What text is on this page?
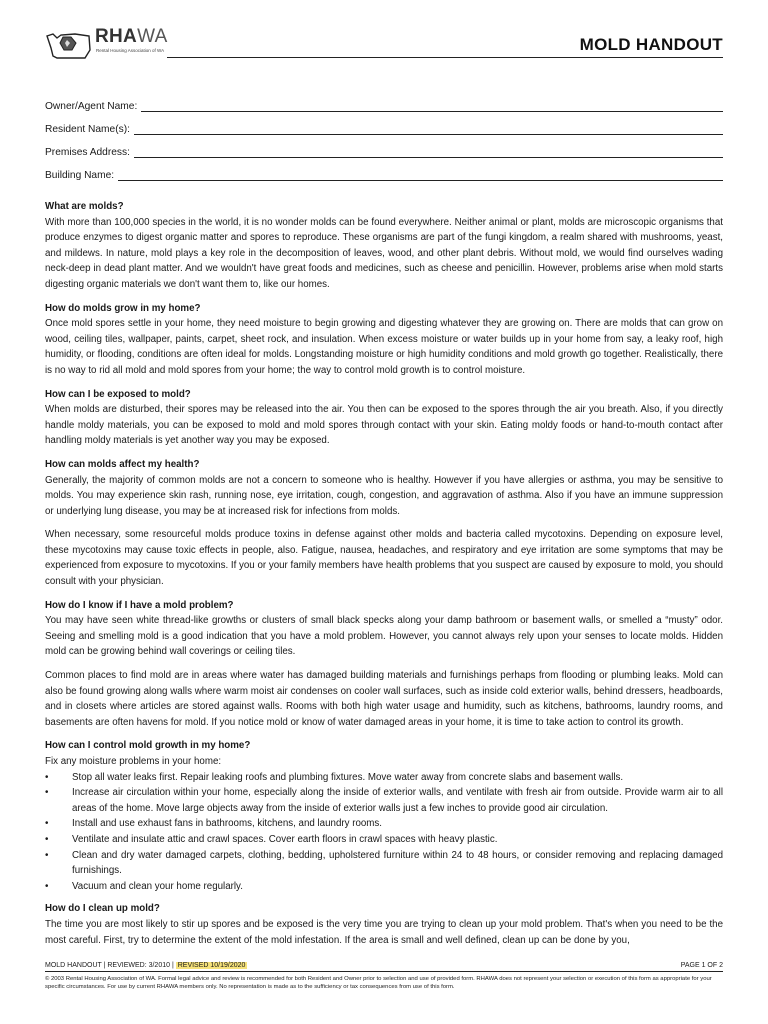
RHAWA
Rental Housing Association of WA	MOLD HANDOUT
Owner/Agent Name:
Resident Name(s):
Premises Address:
Building Name:
What are molds?

With more than 100,000 species in the world, it is no wonder molds can be found everywhere. Neither animal or plant, molds are microscopic organisms that produce enzymes to digest organic matter and spores to reproduce. These organisms are part of the fungi kingdom, a realm shared with mushrooms, yeast, and mildews. In nature, mold plays a key role in the decomposition of leaves, wood, and other plant debris. Without mold, we would find ourselves wading neck-deep in dead plant matter. And we wouldn't have great foods and medicines, such as cheese and penicillin. However, problems arise when mold starts digesting organic materials we don't want them to, like our homes.

How do molds grow in my home?

Once mold spores settle in your home, they need moisture to begin growing and digesting whatever they are growing on. There are molds that can grow on wood, ceiling tiles, wallpaper, paints, carpet, sheet rock, and insulation. When excess moisture or water builds up in your home from say, a leaky roof, high humidity, or flooding, conditions are often ideal for molds. Longstanding moisture or high humidity conditions and mold growth go together. Realistically, there is no way to rid all mold and mold spores from your home; the way to control mold growth is to control moisture.

How can I be exposed to mold?

When molds are disturbed, their spores may be released into the air. You then can be exposed to the spores through the air you breath. Also, if you directly handle moldy materials, you can be exposed to mold and mold spores through contact with your skin. Eating moldy foods or hand-to-mouth contact after handling moldy materials is yet another way you may be exposed.

How can molds affect my health?

Generally, the majority of common molds are not a concern to someone who is healthy. However if you have allergies or asthma, you may be sensitive to molds. You may experience skin rash, running nose, eye irritation, cough, congestion, and aggravation of asthma. Also if you have an immune suppression or underlying lung disease, you may be at increased risk for infections from molds.

When necessary, some resourceful molds produce toxins in defense against other molds and bacteria called mycotoxins. Depending on exposure level, these mycotoxins may cause toxic effects in people, also. Fatigue, nausea, headaches, and respiratory and eye irritation are some symptoms that may be experienced from exposure to mycotoxins. If you or your family members have health problems that you suspect are caused by exposure to mold, you should consult with your physician.

How do I know if I have a mold problem?

You may have seen white thread-like growths or clusters of small black specks along your damp bathroom or basement walls, or smelled a “musty” odor. Seeing and smelling mold is a good indication that you have a mold problem. However, you cannot always rely upon your senses to locate molds. Hidden mold can be growing behind wall coverings or ceiling tiles.

Common places to find mold are in areas where water has damaged building materials and furnishings perhaps from flooding or plumbing leaks. Mold can also be found growing along walls where warm moist air condenses on cooler wall surfaces, such as inside cold exterior walls, behind dressers, headboards, and in closets where articles are stored against walls. Rooms with both high water usage and humidity, such as kitchens, bathrooms, laundry rooms, and basements are often havens for mold. If you notice mold or know of water damaged areas in your home, it is time to take action to control its growth.

How can I control mold growth in my home?
Fix any moisture problems in your home:
• Stop all water leaks first. Repair leaking roofs and plumbing fixtures. Move water away from concrete slabs and basement walls.
• Increase air circulation within your home, especially along the inside of exterior walls, and ventilate with fresh air from outside. Provide warm air to all areas of the home. Move large objects away from the inside of exterior walls just a few inches to provide good air circulation.
• Install and use exhaust fans in bathrooms, kitchens, and laundry rooms.
• Ventilate and insulate attic and crawl spaces. Cover earth floors in crawl spaces with heavy plastic.
• Clean and dry water damaged carpets, clothing, bedding, upholstered furniture within 24 to 48 hours, or consider removing and replacing damaged furnishings.
• Vacuum and clean your home regularly.
How do I clean up mold?

The time you are most likely to stir up spores and be exposed is the very time you are trying to clean up your mold problem. That's when you need to be the most careful. First, try to determine the extent of the mold infestation. If the area is small and well defined, clean up can be done by you,

MOLD HANDOUT | REVIEWED: 3/2010 | REVISED 10/19/2020	PAGE 1 OF 2
© 2003 Rental Housing Association of WA. Formal legal advice and review is recommended for both Resident and Owner prior to selection and use of provided form. RHAWA does not represent your selection or execution of this form as appropriate for your specific circumstances. For use by current RHAWA members only. No representation is made as to the sufficiency or tax consequences from use of this form.
